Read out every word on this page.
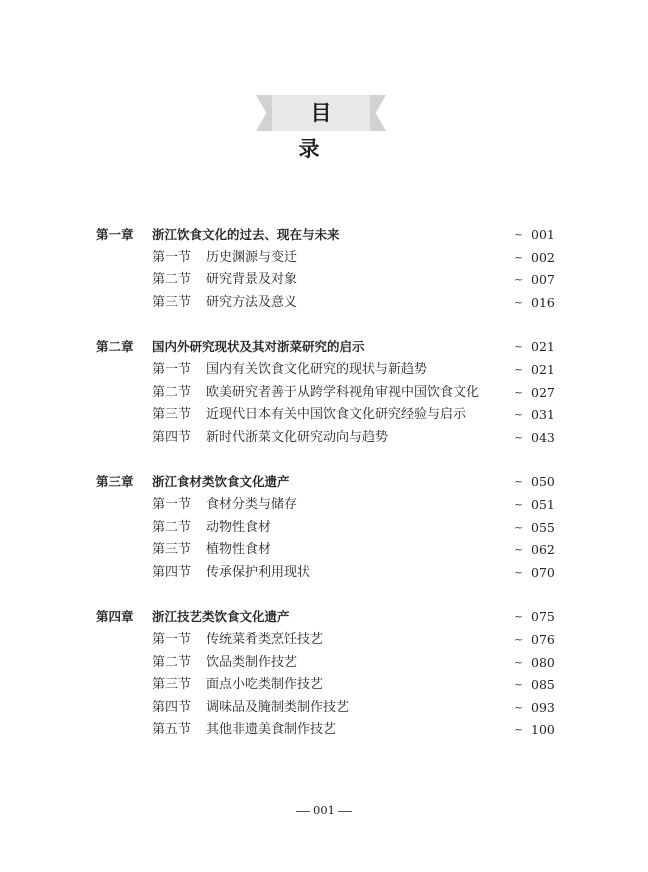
目 录
第一章 浙江饮食文化的过去、现在与未来	~ 001
第一节 历史渊源与变迁	~ 002
第二节 研究背景及对象	~ 007
第三节 研究方法及意义	~ 016
第二章 国内外研究现状及其对浙菜研究的启示	~ 021
第一节 国内有关饮食文化研究的现状与新趋势	~ 021
第二节 欧美研究者善于从跨学科视角审视中国饮食文化	~ 027
第三节 近现代日本有关中国饮食文化研究经验与启示	~ 031
第四节 新时代浙菜文化研究动向与趋势	~ 043
第三章 浙江食材类饮食文化遗产	~ 050
第一节 食材分类与储存	~ 051
第二节 动物性食材	~ 055
第三节 植物性食材	~ 062
第四节 传承保护利用现状	~ 070
第四章 浙江技艺类饮食文化遗产	~ 075
第一节 传统菜肴类烹饪技艺	~ 076
第二节 饮品类制作技艺	~ 080
第三节 面点小吃类制作技艺	~ 085
第四节 调味品及腌制类制作技艺	~ 093
第五节 其他非遗美食制作技艺	~ 100
001
